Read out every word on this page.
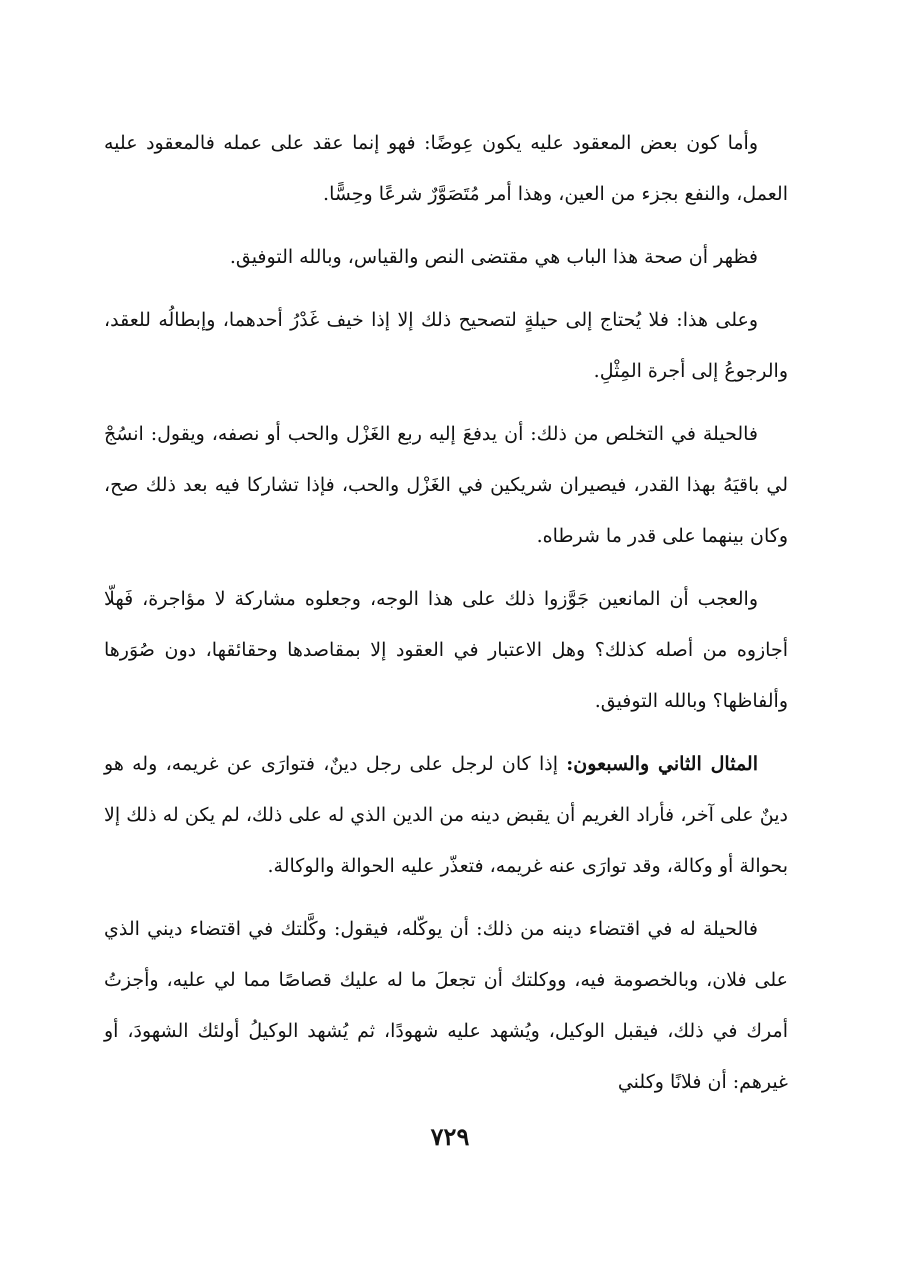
وأما كون بعض المعقود عليه يكون عِوضًا: فهو إنما عقد على عمله فالمعقود عليه العمل، والنفع بجزء من العين، وهذا أمر مُتَصَوَّرٌ شرعًا وحِسًّا.

فظهر أن صحة هذا الباب هي مقتضى النص والقياس، وبالله التوفيق.

وعلى هذا: فلا يُحتاج إلى حيلةٍ لتصحيح ذلك إلا إذا خيف غَدْرُ أحدهما، وإبطالُه للعقد، والرجوعُ إلى أجرة المِثْلِ.

فالحيلة في التخلص من ذلك: أن يدفعَ إليه ربع الغَزْل والحب أو نصفه، ويقول: انسُجْ لي باقيَهُ بهذا القدر، فيصيران شريكين في الغَزْل والحب، فإذا تشاركا فيه بعد ذلك صح، وكان بينهما على قدر ما شرطاه.

والعجب أن المانعين جَوَّزوا ذلك على هذا الوجه، وجعلوه مشاركة لا مؤاجرة، فَهلّا أجازوه من أصله كذلك؟ وهل الاعتبار في العقود إلا بمقاصدها وحقائقها، دون صُوَرها وألفاظها؟ وبالله التوفيق.

المثال الثاني والسبعون: إذا كان لرجل على رجل دينٌ، فتوارَى عن غريمه، وله هو دينٌ على آخر، فأراد الغريم أن يقبض دينه من الدين الذي له على ذلك، لم يكن له ذلك إلا بحوالة أو وكالة، وقد توارَى عنه غريمه، فتعذّر عليه الحوالة والوكالة.

فالحيلة له في اقتضاء دينه من ذلك: أن يوكّله، فيقول: وكَّلتك في اقتضاء ديني الذي على فلان، وبالخصومة فيه، ووكلتك أن تجعلَ ما له عليك قصاصًا مما لي عليه، وأجزتُ أمرك في ذلك، فيقبل الوكيل، ويُشهد عليه شهودًا، ثم يُشهد الوكيلُ أولئك الشهودَ، أو غيرهم: أن فلانًا وكلني

٧٢٩
